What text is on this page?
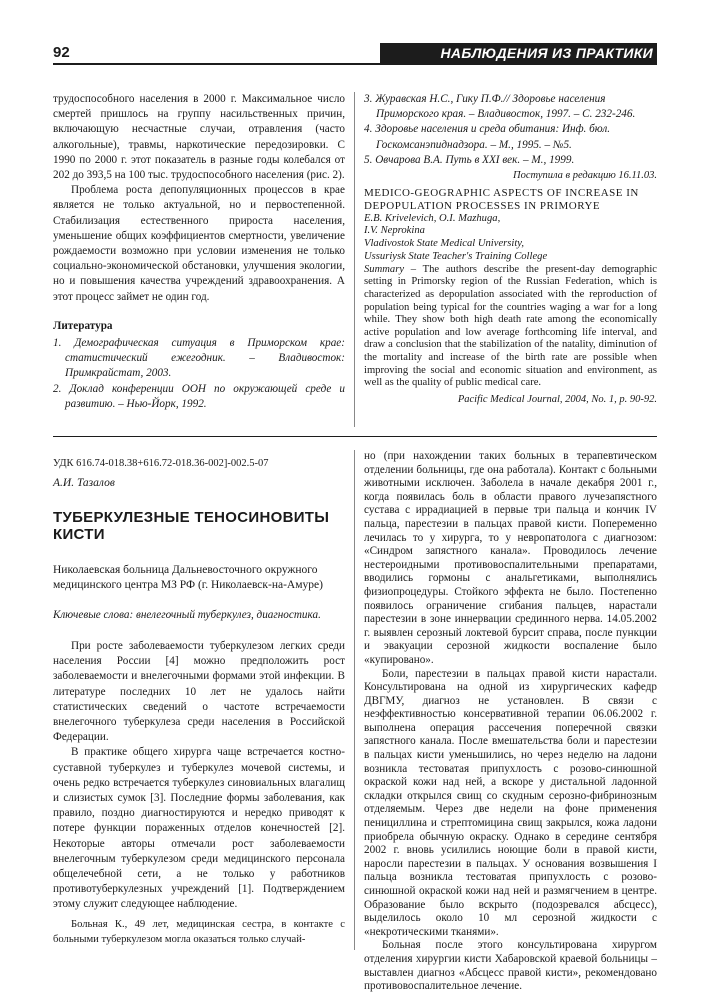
92	НАБЛЮДЕНИЯ ИЗ ПРАКТИКИ

трудоспособного населения в 2000 г. Максимальное число смертей пришлось на группу насильственных причин, включающую несчастные случаи, отравления (часто алкогольные), травмы, наркотические передозировки. С 1990 по 2000 г. этот показатель в разные годы колебался от 202 до 393,5 на 100 тыс. трудоспособного населения (рис. 2).

Проблема роста депопуляционных процессов в крае является не только актуальной, но и первостепенной. Стабилизация естественного прироста населения, уменьшение общих коэффициентов смертности, увеличение рождаемости возможно при условии изменения не только социально-экономической обстановки, улучшения экологии, но и повышения качества учреждений здравоохранения. А этот процесс займет не один год.

Литература
1. Демографическая ситуация в Приморском крае: статистический ежегодник. – Владивосток: Примкрайстат, 2003.
2. Доклад конференции ООН по окружающей среде и развитию. – Нью-Йорк, 1992.
3. Журавская Н.С., Гику П.Ф.// Здоровье населения Приморского края. – Владивосток, 1997. – С. 232-246.
4. Здоровье населения и среда обитания: Инф. бюл. Госкомсанэпиднадзора. – М., 1995. – №5.
5. Овчарова В.А. Путь в XXI век. – М., 1999.
Поступила в редакцию 16.11.03.
MEDICO-GEOGRAPHIC ASPECTS OF INCREASE IN DEPOPULATION PROCESSES IN PRIMORYE
E.B. Krivelevich, O.I. Mazhuga,
I.V. Neprokina
Vladivostok State Medical University,
Ussuriysk State Teacher's Training College
Summary – The authors describe the present-day demographic setting in Primorsky region of the Russian Federation, which is characterized as depopulation associated with the reproduction of population being typical for the countries waging a war for a long while. They show both high death rate among the economically active population and low average forthcoming life interval, and draw a conclusion that the stabilization of the natality, diminution of the mortality and increase of the birth rate are possible when improving the social and economic situation and environment, as well as the quality of public medical care.
Pacific Medical Journal, 2004, No. 1, p. 90-92.
УДК 616.74-018.38+616.72-018.36-002]-002.5-07
А.И. Тазалов
ТУБЕРКУЛЕЗНЫЕ ТЕНОСИНОВИТЫ КИСТИ
Николаевская больница Дальневосточного окружного медицинского центра МЗ РФ (г. Николаевск-на-Амуре)
Ключевые слова: внелегочный туберкулез, диагностика.

При росте заболеваемости туберкулезом легких среди населения России [4] можно предположить рост заболеваемости и внелегочными формами этой инфекции. В литературе последних 10 лет не удалось найти статистических сведений о частоте встречаемости внелегочного туберкулеза среди населения в Российской Федерации.

В практике общего хирурга чаще встречается костно-суставной туберкулез и туберкулез мочевой системы, и очень редко встречается туберкулез синовиальных влагалищ и слизистых сумок [3]. Последние формы заболевания, как правило, поздно диагностируются и нередко приводят к потере функции пораженных отделов конечностей [2]. Некоторые авторы отмечали рост заболеваемости внелегочным туберкулезом среди медицинского персонала общелечебной сети, а не только у работников противотуберкулезных учреждений [1]. Подтверждением этому служит следующее наблюдение.

Больная К., 49 лет, медицинская сестра, в контакте с больными туберкулезом могла оказаться только случай-

но (при нахождении таких больных в терапевтическом отделении больницы, где она работала). Контакт с больными животными исключен. Заболела в начале декабря 2001 г., когда появилась боль в области правого лучезапястного сустава с иррадиацией в первые три пальца и кончик IV пальца, парестезии в пальцах правой кисти. Попеременно лечилась то у хирурга, то у невропатолога с диагнозом: «Синдром запястного канала». Проводилось лечение нестероидными противовоспалительными препаратами, вводились гормоны с анальгетиками, выполнялись физиопроцедуры. Стойкого эффекта не было. Постепенно появилось ограничение сгибания пальцев, нарастали парестезии в зоне иннервации срединного нерва. 14.05.2002 г. выявлен серозный локтевой бурсит справа, после пункции и эвакуации серозной жидкости воспаление было «купировано».

Боли, парестезии в пальцах правой кисти нарастали. Консультирована на одной из хирургических кафедр ДВГМУ, диагноз не установлен. В связи с неэффективностью консервативной терапии 06.06.2002 г. выполнена операция рассечения поперечной связки запястного канала. После вмешательства боли и парестезии в пальцах кисти уменьшились, но через неделю на ладони возникла тестоватая припухлость с розово-синюшной окраской кожи над ней, а вскоре у дистальной ладонной складки открылся свищ со скудным серозно-фибринозным отделяемым. Через две недели на фоне применения пенициллина и стрептомицина свищ закрылся, кожа ладони приобрела обычную окраску. Однако в середине сентября 2002 г. вновь усилились ноющие боли в правой кисти, наросли парестезии в пальцах. У основания возвышения I пальца возникла тестоватая припухлость с розово-синюшной окраской кожи над ней и размягчением в центре. Образование было вскрыто (подозревался абсцесс), выделилось около 10 мл серозной жидкости с «некротическими тканями».

Больная после этого консультирована хирургом отделения хирургии кисти Хабаровской краевой больницы – выставлен диагноз «Абсцесс правой кисти», рекомендовано противовоспалительное лечение.
